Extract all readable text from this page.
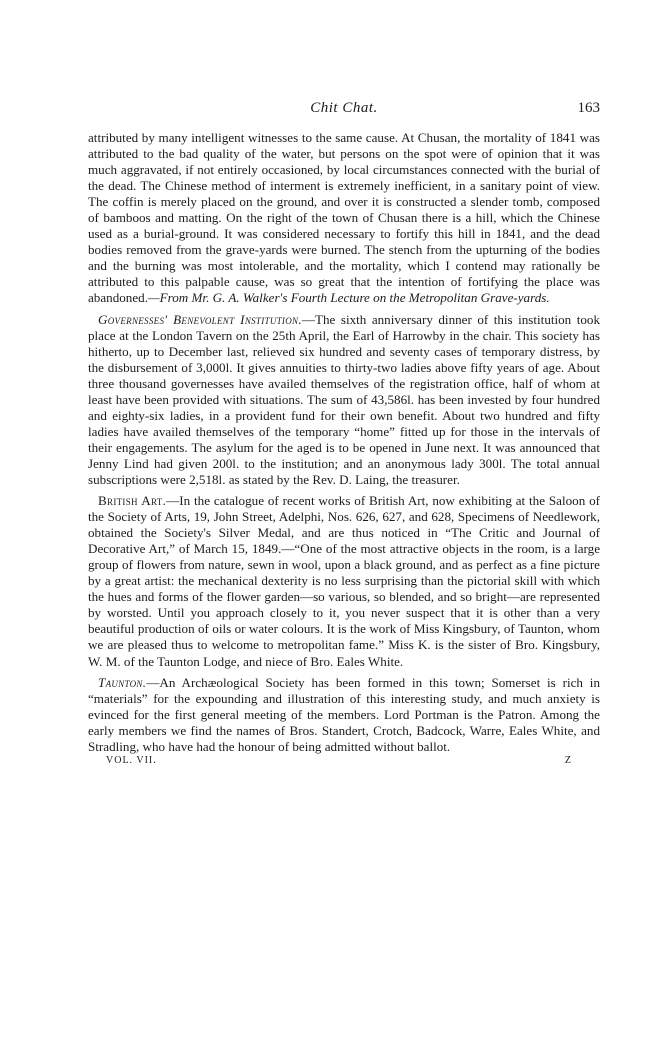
Chit Chat.	163

attributed by many intelligent witnesses to the same cause. At Chusan, the mortality of 1841 was attributed to the bad quality of the water, but persons on the spot were of opinion that it was much aggravated, if not entirely occasioned, by local circumstances connected with the burial of the dead. The Chinese method of interment is extremely inefficient, in a sanitary point of view. The coffin is merely placed on the ground, and over it is constructed a slender tomb, composed of bamboos and matting. On the right of the town of Chusan there is a hill, which the Chinese used as a burial-ground. It was considered necessary to fortify this hill in 1841, and the dead bodies removed from the grave-yards were burned. The stench from the upturning of the bodies and the burning was most intolerable, and the mortality, which I contend may rationally be attributed to this palpable cause, was so great that the intention of fortifying the place was abandoned.—From Mr. G. A. Walker's Fourth Lecture on the Metropolitan Grave-yards.

Governesses' Benevolent Institution.—The sixth anniversary dinner of this institution took place at the London Tavern on the 25th April, the Earl of Harrowby in the chair. This society has hitherto, up to December last, relieved six hundred and seventy cases of temporary distress, by the disbursement of 3,000l. It gives annuities to thirty-two ladies above fifty years of age. About three thousand governesses have availed themselves of the registration office, half of whom at least have been provided with situations. The sum of 43,586l. has been invested by four hundred and eighty-six ladies, in a provident fund for their own benefit. About two hundred and fifty ladies have availed themselves of the temporary “home” fitted up for those in the intervals of their engagements. The asylum for the aged is to be opened in June next. It was announced that Jenny Lind had given 200l. to the institution; and an anonymous lady 300l. The total annual subscriptions were 2,518l. as stated by the Rev. D. Laing, the treasurer.

British Art.—In the catalogue of recent works of British Art, now exhibiting at the Saloon of the Society of Arts, 19, John Street, Adelphi, Nos. 626, 627, and 628, Specimens of Needlework, obtained the Society's Silver Medal, and are thus noticed in “The Critic and Journal of Decorative Art,” of March 15, 1849.—“One of the most attractive objects in the room, is a large group of flowers from nature, sewn in wool, upon a black ground, and as perfect as a fine picture by a great artist: the mechanical dexterity is no less surprising than the pictorial skill with which the hues and forms of the flower garden—so various, so blended, and so bright—are represented by worsted. Until you approach closely to it, you never suspect that it is other than a very beautiful production of oils or water colours. It is the work of Miss Kingsbury, of Taunton, whom we are pleased thus to welcome to metropolitan fame.” Miss K. is the sister of Bro. Kingsbury, W. M. of the Taunton Lodge, and niece of Bro. Eales White.

Taunton.—An Archæological Society has been formed in this town; Somerset is rich in “materials” for the expounding and illustration of this interesting study, and much anxiety is evinced for the first general meeting of the members. Lord Portman is the Patron. Among the early members we find the names of Bros. Standert, Crotch, Badcock, Warre, Eales White, and Stradling, who have had the honour of being admitted without ballot.

VOL. VII.	Z
